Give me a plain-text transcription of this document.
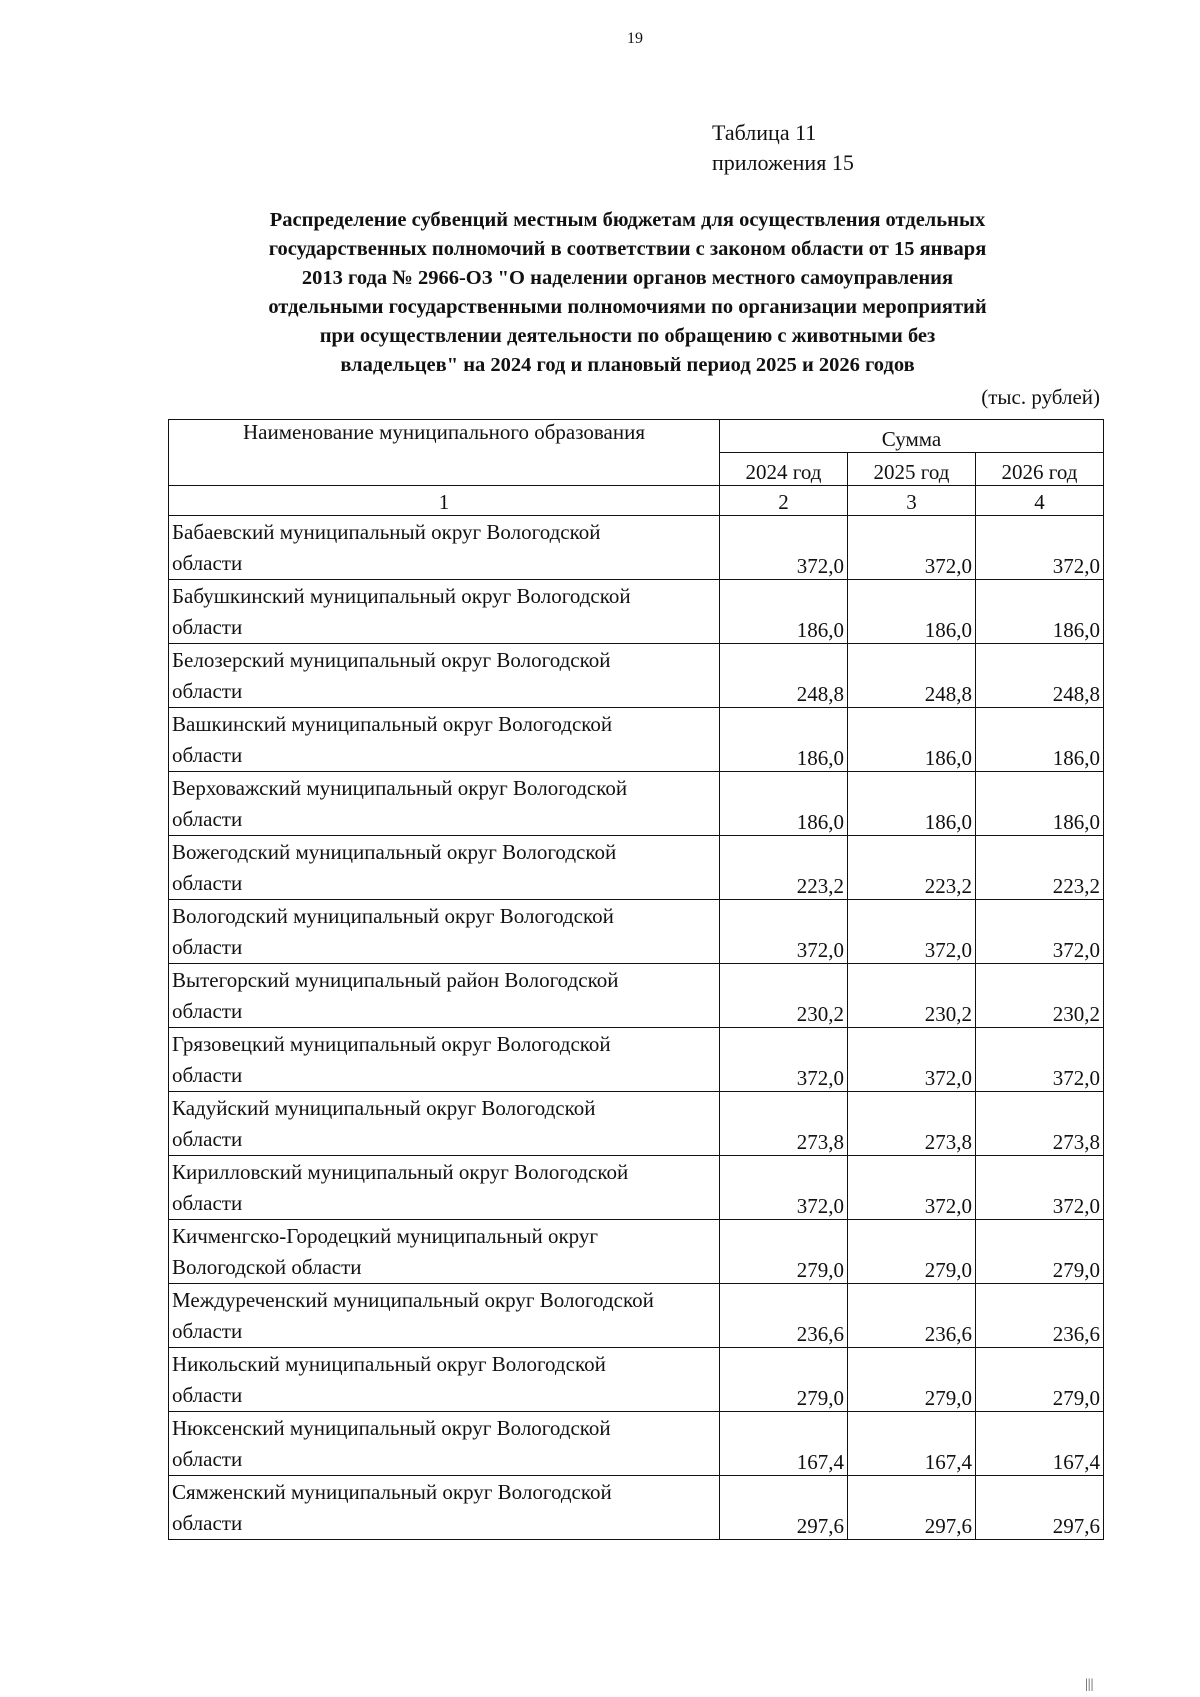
19
Таблица 11
приложения 15
Распределение субвенций местным бюджетам для осуществления отдельных
государственных полномочий в соответствии с законом области от 15 января
2013 года № 2966-ОЗ "О наделении органов местного самоуправления
отдельными государственными полномочиями по организации мероприятий
при осуществлении деятельности по обращению с животными без
владельцев" на 2024 год и плановый период 2025 и 2026 годов
(тыс. рублей)
Наименование муниципального образования	Сумма		
	2024 год	2025 год	2026 год
1	2	3	4

Бабаевский муниципальный округ Вологодской
области	372,0	372,0	372,0

Бабушкинский муниципальный округ Вологодской
области	186,0	186,0	186,0

Белозерский муниципальный округ Вологодской
области	248,8	248,8	248,8

Вашкинский муниципальный округ Вологодской
области	186,0	186,0	186,0

Верховажский муниципальный округ Вологодской
области	186,0	186,0	186,0

Вожегодский муниципальный округ Вологодской
области	223,2	223,2	223,2

Вологодский муниципальный округ Вологодской
области	372,0	372,0	372,0

Вытегорский муниципальный район Вологодской
области	230,2	230,2	230,2

Грязовецкий муниципальный округ Вологодской
области	372,0	372,0	372,0

Кадуйский муниципальный округ Вологодской
области	273,8	273,8	273,8

Кирилловский муниципальный округ Вологодской
области	372,0	372,0	372,0

Кичменгско-Городецкий муниципальный округ
Вологодской области	279,0	279,0	279,0

Междуреченский муниципальный округ Вологодской
области	236,6	236,6	236,6

Никольский муниципальный округ Вологодской
области	279,0	279,0	279,0

Нюксенский муниципальный округ Вологодской
области	167,4	167,4	167,4

Сямженский муниципальный округ Вологодской
области	297,6	297,6	297,6
|||
